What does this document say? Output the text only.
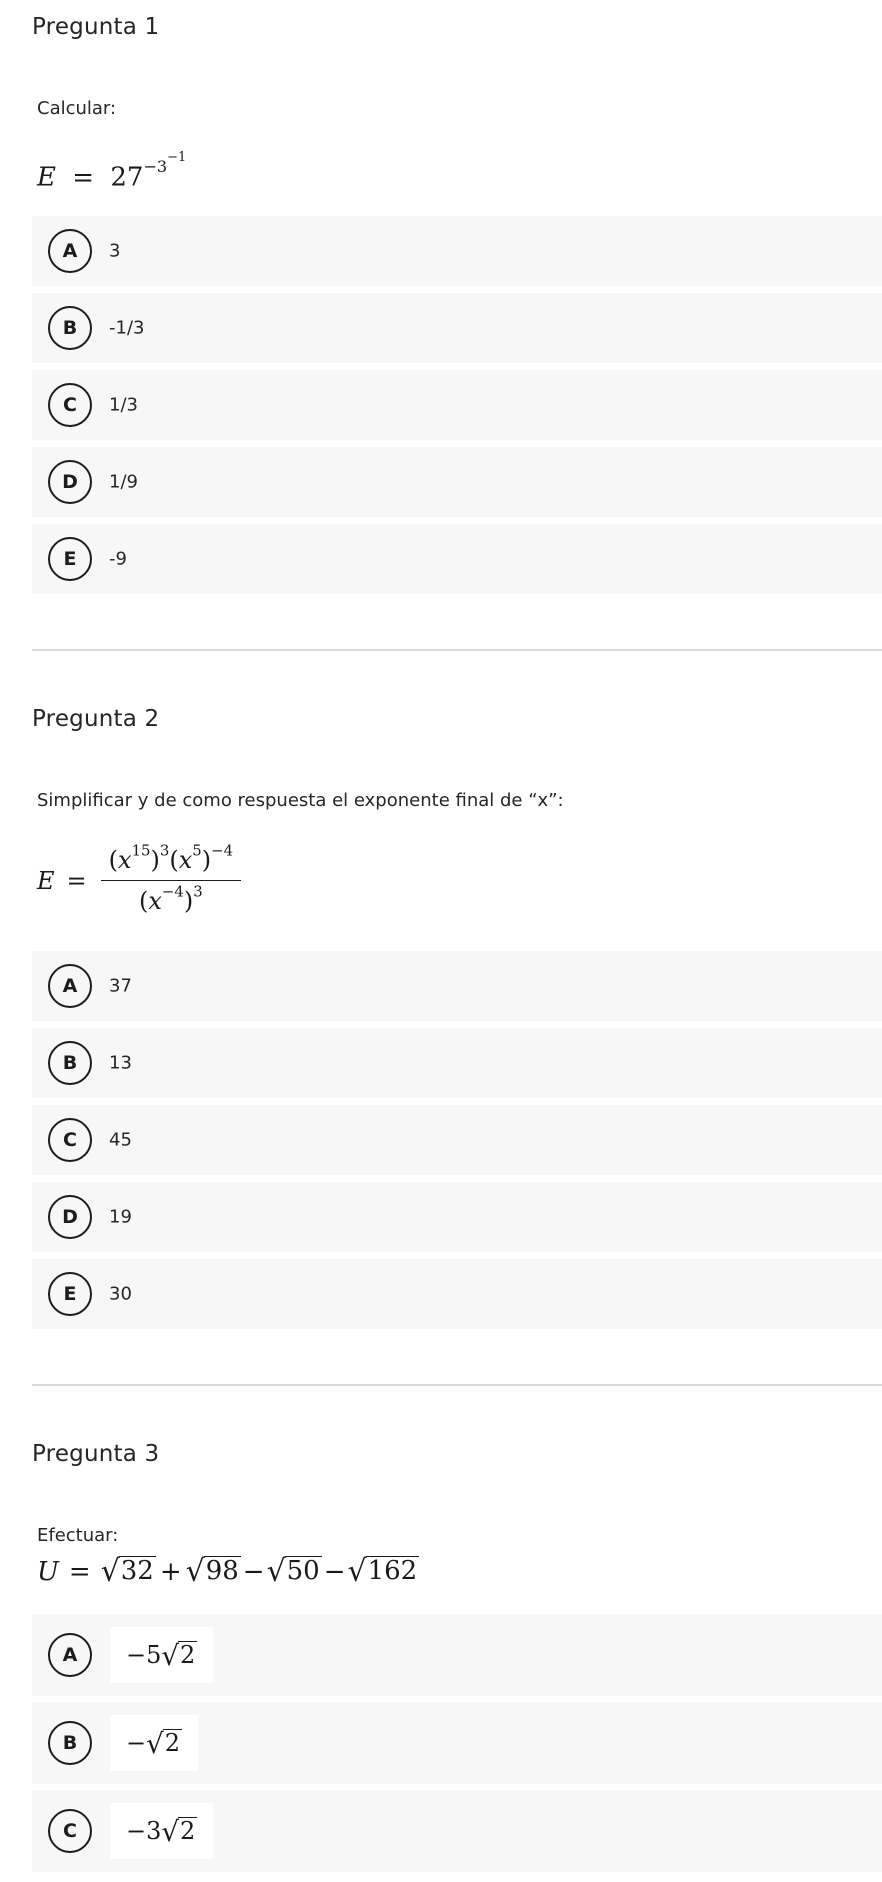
Pregunta 1

Calcular:

$E = 27^{-3^{-1}}$
A	3
B	-1/3
C	1/3
D	1/9
E	-9
Pregunta 2

Simplificar y de como respuesta el exponente final de “x”:

$E = \frac{(x^{15})^3(x^5)^{-4}}{(x^{-4})^3}$
A	37
B	13
C	45
D	19
E	30
Pregunta 3

Efectuar:

U = √ 32 + √ 98 − √ 50 − √ 162
A	−5 √ 2
B	− √ 2
C	−3 √ 2
